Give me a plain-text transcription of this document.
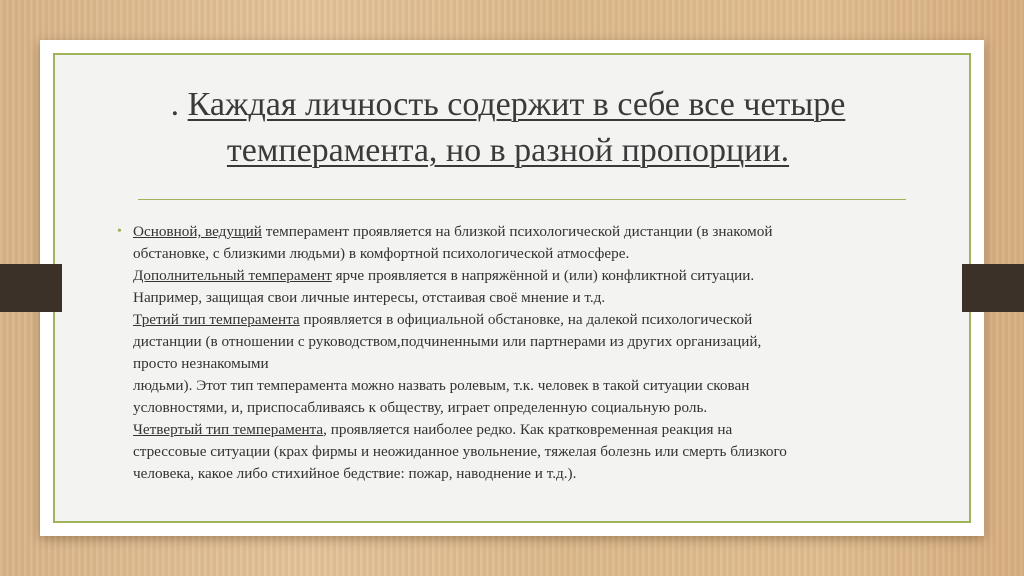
. Каждая личность содержит в себе все четыре
темперамента, но в разной пропорции.
• Основной, ведущий темперамент проявляется на близкой психологической дистанции (в знакомой
обстановке, с близкими людьми) в комфортной психологической атмосфере.
Дополнительный темперамент ярче проявляется в напряжённой и (или) конфликтной ситуации.
Например, защищая свои личные интересы, отстаивая своё мнение и т.д.
Третий тип темперамента проявляется в официальной обстановке, на далекой психологической
дистанции (в отношении с руководством,подчиненными или партнерами из других организаций,
просто незнакомыми
людьми). Этот тип темперамента можно назвать ролевым, т.к. человек в такой ситуации скован
условностями, и, приспосабливаясь к обществу, играет определенную социальную роль.
Четвертый тип темперамента, проявляется наиболее редко. Как кратковременная реакция на
стрессовые ситуации (крах фирмы и неожиданное увольнение, тяжелая болезнь или смерть близкого
человека, какое либо стихийное бедствие: пожар, наводнение и т.д.).
